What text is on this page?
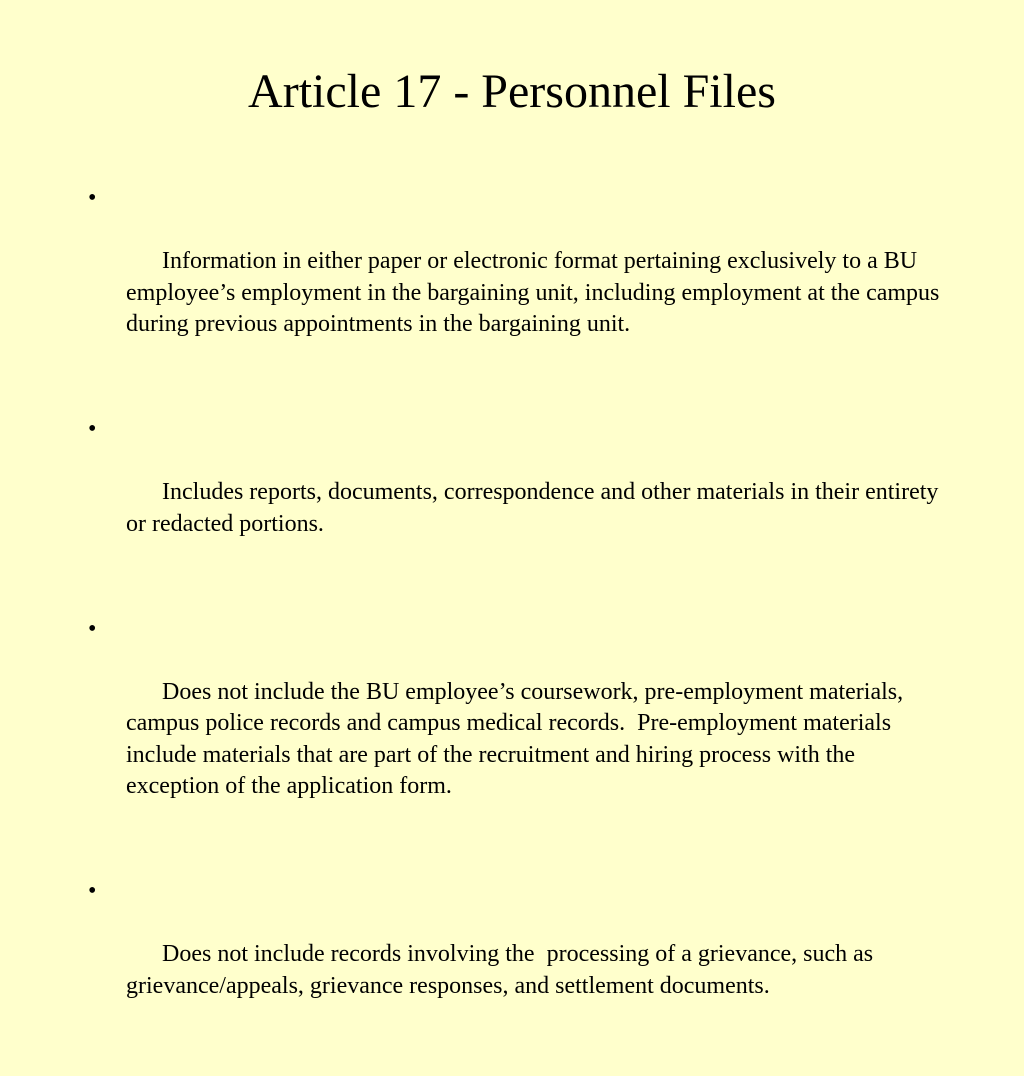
Article 17 - Personnel Files

•

Information in either paper or electronic format pertaining exclusively to a BU employee’s employment in the bargaining unit, including employment at the campus during previous appointments in the bargaining unit.

•

Includes reports, documents, correspondence and other materials in their entirety or redacted portions.

•

Does not include the BU employee’s coursework, pre-employment materials, campus police records and campus medical records.  Pre-employment materials include materials that are part of the recruitment and hiring process with the exception of the application form.

•

Does not include records involving the  processing of a grievance, such as grievance/appeals, grievance responses, and settlement documents.
